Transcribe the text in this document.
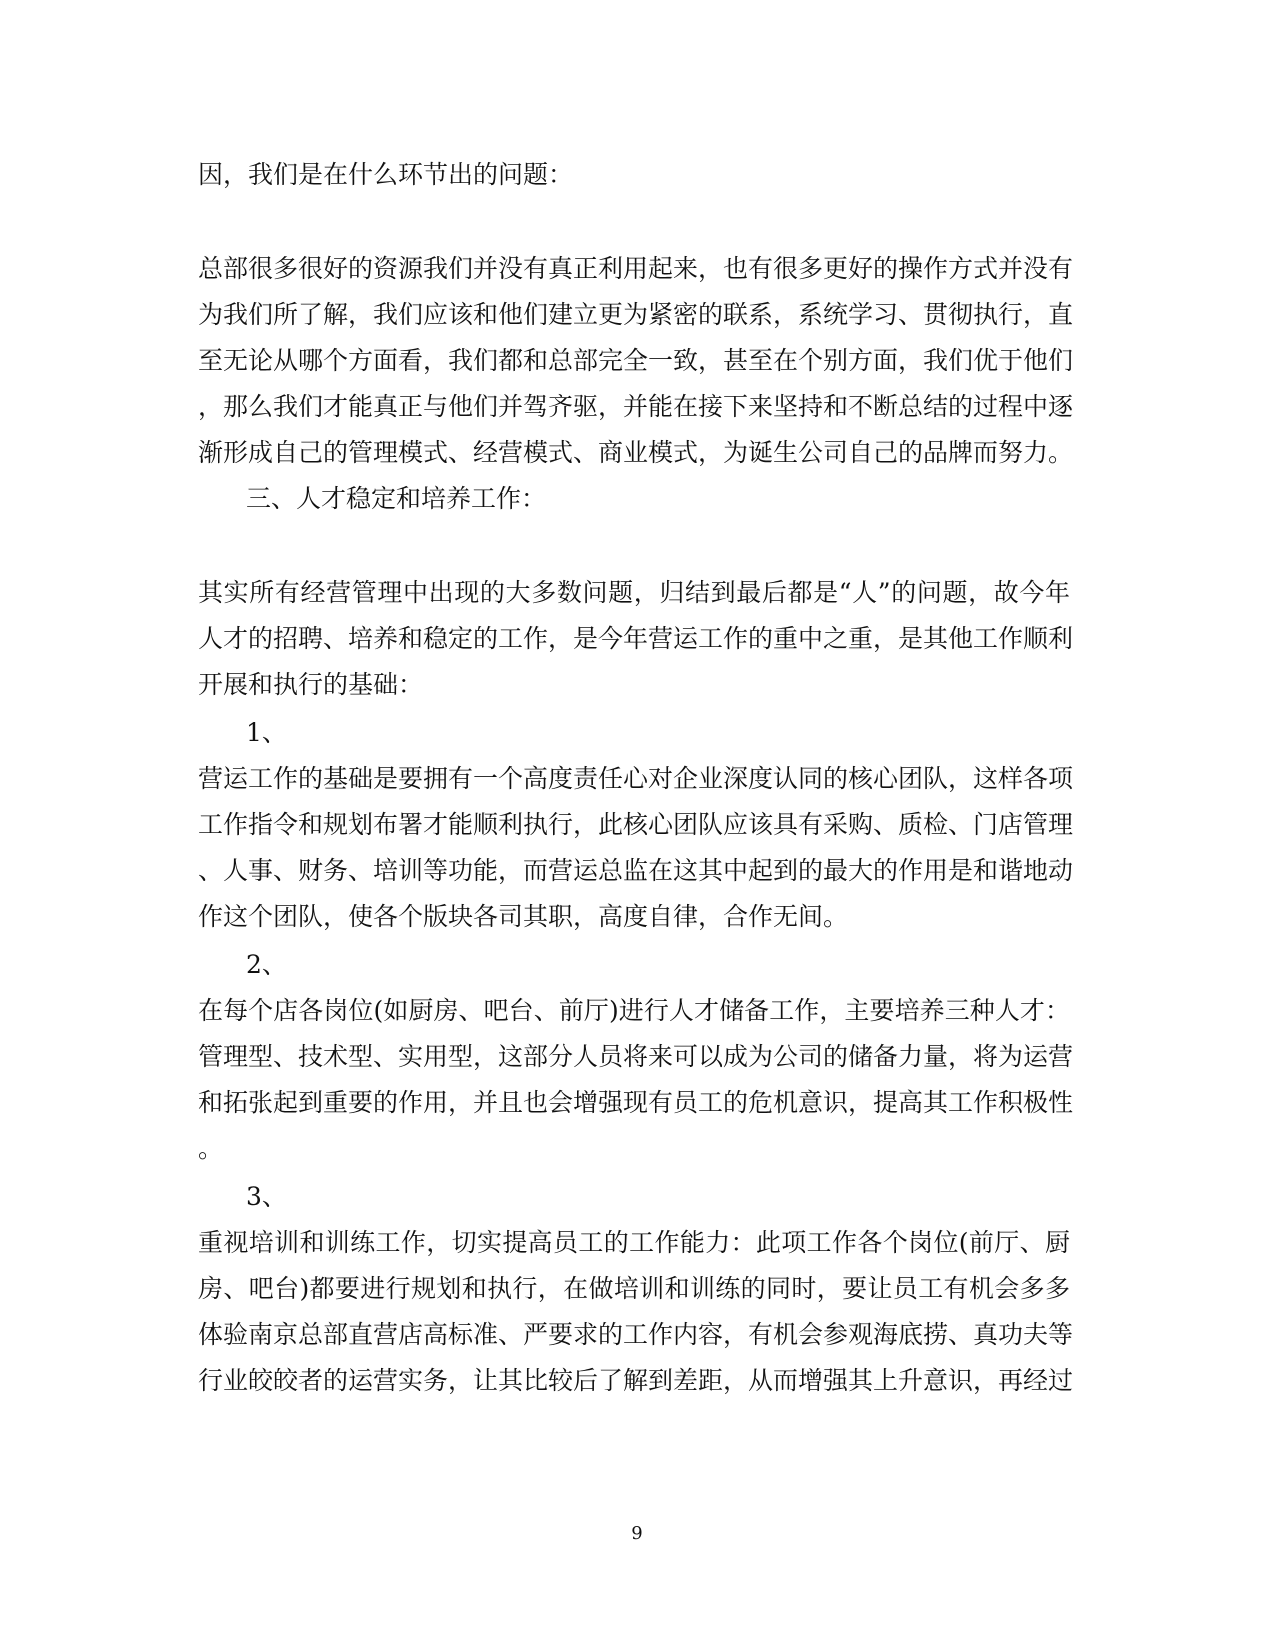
因，我们是在什么环节出的问题：
总部很多很好的资源我们并没有真正利用起来，也有很多更好的操作方式并没有
为我们所了解，我们应该和他们建立更为紧密的联系，系统学习、贯彻执行，直
至无论从哪个方面看，我们都和总部完全一致，甚至在个别方面，我们优于他们
，那么我们才能真正与他们并驾齐驱，并能在接下来坚持和不断总结的过程中逐
渐形成自己的管理模式、经营模式、商业模式，为诞生公司自己的品牌而努力。
三、人才稳定和培养工作：
其实所有经营管理中出现的大多数问题，归结到最后都是“人”的问题，故今年
人才的招聘、培养和稳定的工作，是今年营运工作的重中之重，是其他工作顺利
开展和执行的基础：
1、
营运工作的基础是要拥有一个高度责任心对企业深度认同的核心团队，这样各项
工作指令和规划布署才能顺利执行，此核心团队应该具有采购、质检、门店管理
、人事、财务、培训等功能，而营运总监在这其中起到的最大的作用是和谐地动
作这个团队，使各个版块各司其职，高度自律，合作无间。
2、
在每个店各岗位(如厨房、吧台、前厅)进行人才储备工作，主要培养三种人才：
管理型、技术型、实用型，这部分人员将来可以成为公司的储备力量，将为运营
和拓张起到重要的作用，并且也会增强现有员工的危机意识，提高其工作积极性
。
3、
重视培训和训练工作，切实提高员工的工作能力：此项工作各个岗位(前厅、厨
房、吧台)都要进行规划和执行，在做培训和训练的同时，要让员工有机会多多
体验南京总部直营店高标准、严要求的工作内容，有机会参观海底捞、真功夫等
行业皎皎者的运营实务，让其比较后了解到差距，从而增强其上升意识，再经过
9
